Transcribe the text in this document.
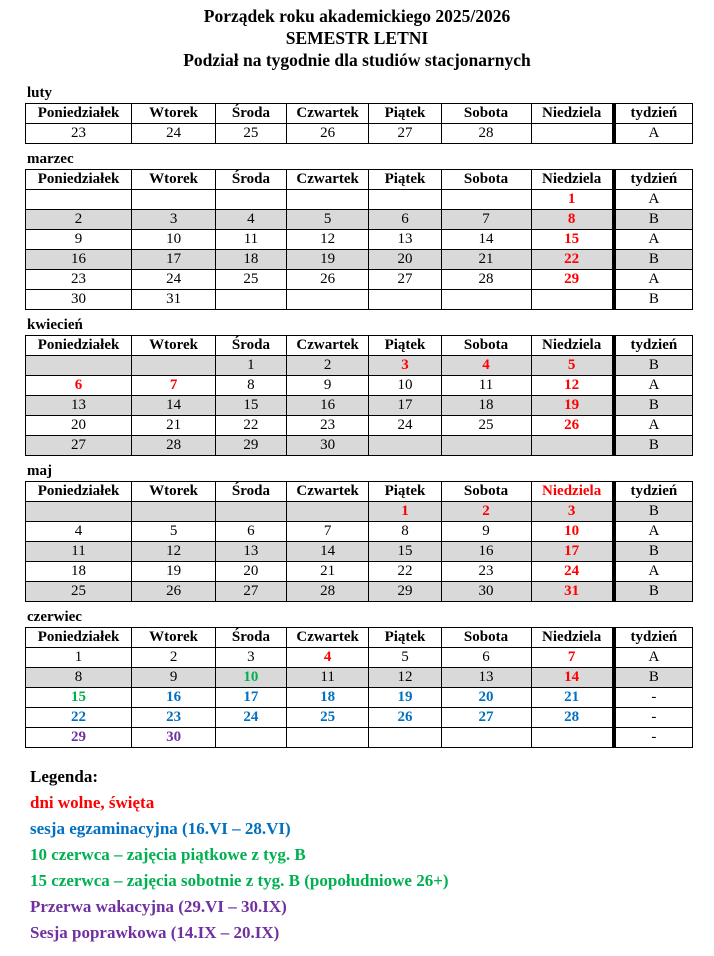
Porządek roku akademickiego 2025/2026
SEMESTR LETNI
Podział na tygodnie dla studiów stacjonarnych
luty
Poniedziałek	Wtorek	Środa	Czwartek	Piątek	Sobota	Niedziela	tydzień
23	24	25	26	27	28		A
marzec
Poniedziałek	Wtorek	Środa	Czwartek	Piątek	Sobota	Niedziela	tydzień
						1	A
2	3	4	5	6	7	8	B
9	10	11	12	13	14	15	A
16	17	18	19	20	21	22	B
23	24	25	26	27	28	29	A
30	31						B
kwiecień
Poniedziałek	Wtorek	Środa	Czwartek	Piątek	Sobota	Niedziela	tydzień
		1	2	3	4	5	B
6	7	8	9	10	11	12	A
13	14	15	16	17	18	19	B
20	21	22	23	24	25	26	A
27	28	29	30				B
maj
Poniedziałek	Wtorek	Środa	Czwartek	Piątek	Sobota	Niedziela	tydzień
				1	2	3	B
4	5	6	7	8	9	10	A
11	12	13	14	15	16	17	B
18	19	20	21	22	23	24	A
25	26	27	28	29	30	31	B
czerwiec
Poniedziałek	Wtorek	Środa	Czwartek	Piątek	Sobota	Niedziela	tydzień
1	2	3	4	5	6	7	A
8	9	10	11	12	13	14	B
15	16	17	18	19	20	21	-
22	23	24	25	26	27	28	-
29	30						-
Legenda:
dni wolne, święta
sesja egzaminacyjna (16.VI – 28.VI)
10 czerwca – zajęcia piątkowe z tyg. B
15 czerwca – zajęcia sobotnie z tyg. B (popołudniowe 26+)
Przerwa wakacyjna (29.VI – 30.IX)
Sesja poprawkowa (14.IX – 20.IX)
